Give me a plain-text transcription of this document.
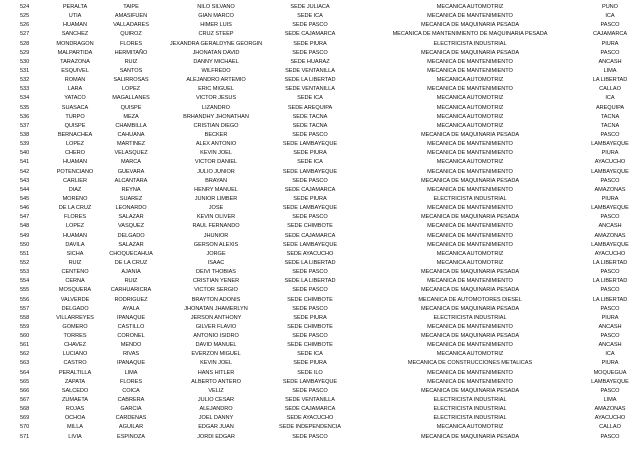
524	PERALTA	TAIPE	NILO SILVANO	SEDE JULIACA	MECANICA AUTOMOTRIZ	PUNO
525	UTIA	AMASIFUEN	GIAN MARCO	SEDE ICA	MECANICA DE MANTENIMIENTO	ICA
526	HUAMAN	VALLADARES	HIMER LUIS	SEDE PASCO	MECANICA DE MAQUINARIA PESADA	PASCO
527	SANCHEZ	QUIROZ	CRUZ STEEP	SEDE CAJAMARCA	MECANICA DE MANTENIMIENTO DE MAQUINARIA PESADA	CAJAMARCA
528	MONDRAGON	FLORES	JEXANDRA GERALDYNE GEORGIN	SEDE PIURA	ELECTRICISTA INDUSTRIAL	PIURA
529	MALPARTIDA	HERMITAÑO	JHONATAN DAVID	SEDE PASCO	MECANICA DE MAQUINARIA PESADA	PASCO
530	TARAZONA	RUIZ	DANNY MICHAEL	SEDE HUARAZ	MECANICA DE MANTENIMIENTO	ANCASH
531	ESQUIVEL	SANTOS	WILFREDO	SEDE VENTANILLA	MECANICA DE MANTENIMIENTO	LIMA
532	ROMAN	SALIRROSAS	ALEJANDRO ARTEMIO	SEDE LA LIBERTAD	MECANICA AUTOMOTRIZ	LA LIBERTAD
533	LARA	LOPEZ	ERIC MIGUEL	SEDE VENTANILLA	MECANICA DE MANTENIMIENTO	CALLAO
534	YATACO	MAGALLANES	VICTOR JESUS	SEDE ICA	MECANICA AUTOMOTRIZ	ICA
535	SUASACA	QUISPE	LIZANDRO	SEDE AREQUIPA	MECANICA AUTOMOTRIZ	AREQUIPA
536	TURPO	MEZA	BRHANDHY JHONATHAN	SEDE TACNA	MECANICA AUTOMOTRIZ	TACNA
537	QUISPE	CHAMBILLA	CRISTIAN DIEGO	SEDE TACNA	MECANICA AUTOMOTRIZ	TACNA
538	BERNACHEA	CAHUANA	BECKER	SEDE PASCO	MECANICA DE MAQUINARIA PESADA	PASCO
539	LOPEZ	MARTINEZ	ALEX ANTONIO	SEDE LAMBAYEQUE	MECANICA DE MANTENIMIENTO	LAMBAYEQUE
540	CHERO	VELASQUEZ	KEVIN JOEL	SEDE PIURA	MECANICA DE MANTENIMIENTO	PIURA
541	HUAMAN	MARCA	VICTOR DANIEL	SEDE ICA	MECANICA AUTOMOTRIZ	AYACUCHO
542	POTENCIANO	GUEVARA	JULIO JUNIOR	SEDE LAMBAYEQUE	MECANICA DE MANTENIMIENTO	LAMBAYEQUE
543	CARLIER	ALCANTARA	BRAYAN	SEDE PASCO	MECANICA DE MAQUINARIA PESADA	PASCO
544	DIAZ	REYNA	HENRY MANUEL	SEDE CAJAMARCA	MECANICA DE MANTENIMIENTO	AMAZONAS
545	MORENO	SUAREZ	JUNIOR LIMBER	SEDE PIURA	ELECTRICISTA INDUSTRIAL	PIURA
546	DE LA CRUZ	LEONARDO	JOSE	SEDE LAMBAYEQUE	MECANICA DE MANTENIMIENTO	LAMBAYEQUE
547	FLORES	SALAZAR	KEVIN OLIVER	SEDE PASCO	MECANICA DE MAQUINARIA PESADA	PASCO
548	LOPEZ	VASQUEZ	RAUL FERNANDO	SEDE CHIMBOTE	MECANICA DE MANTENIMIENTO	ANCASH
549	HUAMAN	DELGADO	JHUNIOR	SEDE CAJAMARCA	MECANICA DE MANTENIMIENTO	AMAZONAS
550	DAVILA	SALAZAR	GERSON ALEXIS	SEDE LAMBAYEQUE	MECANICA DE MANTENIMIENTO	LAMBAYEQUE
551	SICHA	CHOQUECAHUA	JORGE	SEDE AYACUCHO	MECANICA AUTOMOTRIZ	AYACUCHO
552	RUIZ	DE LA CRUZ	ISAAC	SEDE LA LIBERTAD	MECANICA AUTOMOTRIZ	LA LIBERTAD
553	CENTENO	AJANIA	DEIVI THOBIAS	SEDE PASCO	MECANICA DE MAQUINARIA PESADA	PASCO
554	CERNA	RUIZ	CRISTIAN YENER	SEDE LA LIBERTAD	MECANICA DE MANTENIMIENTO	LA LIBERTAD
555	MOSQUERA	CARHUARICRA	VICTOR SERGIO	SEDE PASCO	MECANICA DE MAQUINARIA PESADA	PASCO
556	VALVERDE	RODRIGUEZ	BRAYTON ADONIS	SEDE CHIMBOTE	MECANICA DE AUTOMOTORES DIESEL	LA LIBERTAD
557	DELGADO	AYALA	JHONATAN JHAMERLYN	SEDE PASCO	MECANICA DE MAQUINARIA PESADA	PASCO
558	VILLARREYES	IPANAQUE	JERSON ANTHONY	SEDE PIURA	ELECTRICISTA INDUSTRIAL	PIURA
559	GOMERO	CASTILLO	GILVER FLAVIO	SEDE CHIMBOTE	MECANICA DE MANTENIMIENTO	ANCASH
560	TORRES	CORONEL	ANTONIO ISIDRO	SEDE PASCO	MECANICA DE MAQUINARIA PESADA	PASCO
561	CHAVEZ	MENDO	DAVID MANUEL	SEDE CHIMBOTE	MECANICA DE MANTENIMIENTO	ANCASH
562	LUCIANO	RIVAS	EVERZON MIGUEL	SEDE ICA	MECANICA AUTOMOTRIZ	ICA
563	CASTRO	IPANAQUE	KEVIN JOEL	SEDE PIURA	MECANICA DE CONSTRUCCIONES METALICAS	PIURA
564	PERALTILLA	LIMA	HANS HITLER	SEDE ILO	MECANICA DE MANTENIMIENTO	MOQUEGUA
565	ZAPATA	FLORES	ALBERTO ANTERO	SEDE LAMBAYEQUE	MECANICA DE MANTENIMIENTO	LAMBAYEQUE
566	SALCEDO	COICA	VELIZ	SEDE PASCO	MECANICA DE MAQUINARIA PESADA	PASCO
567	ZUMAETA	CABRERA	JULIO CESAR	SEDE VENTANILLA	ELECTRICISTA INDUSTRIAL	LIMA
568	ROJAS	GARCIA	ALEJANDRO	SEDE CAJAMARCA	ELECTRICISTA INDUSTRIAL	AMAZONAS
569	OCHOA	CARDENAS	JOEL DANNY	SEDE AYACUCHO	ELECTRICISTA INDUSTRIAL	AYACUCHO
570	MILLA	AGUILAR	EDGAR JUAN	SEDE INDEPENDENCIA	MECANICA AUTOMOTRIZ	CALLAO
571	LIVIA	ESPINOZA	JORDI EDGAR	SEDE PASCO	MECANICA DE MAQUINARIA PESADA	PASCO
